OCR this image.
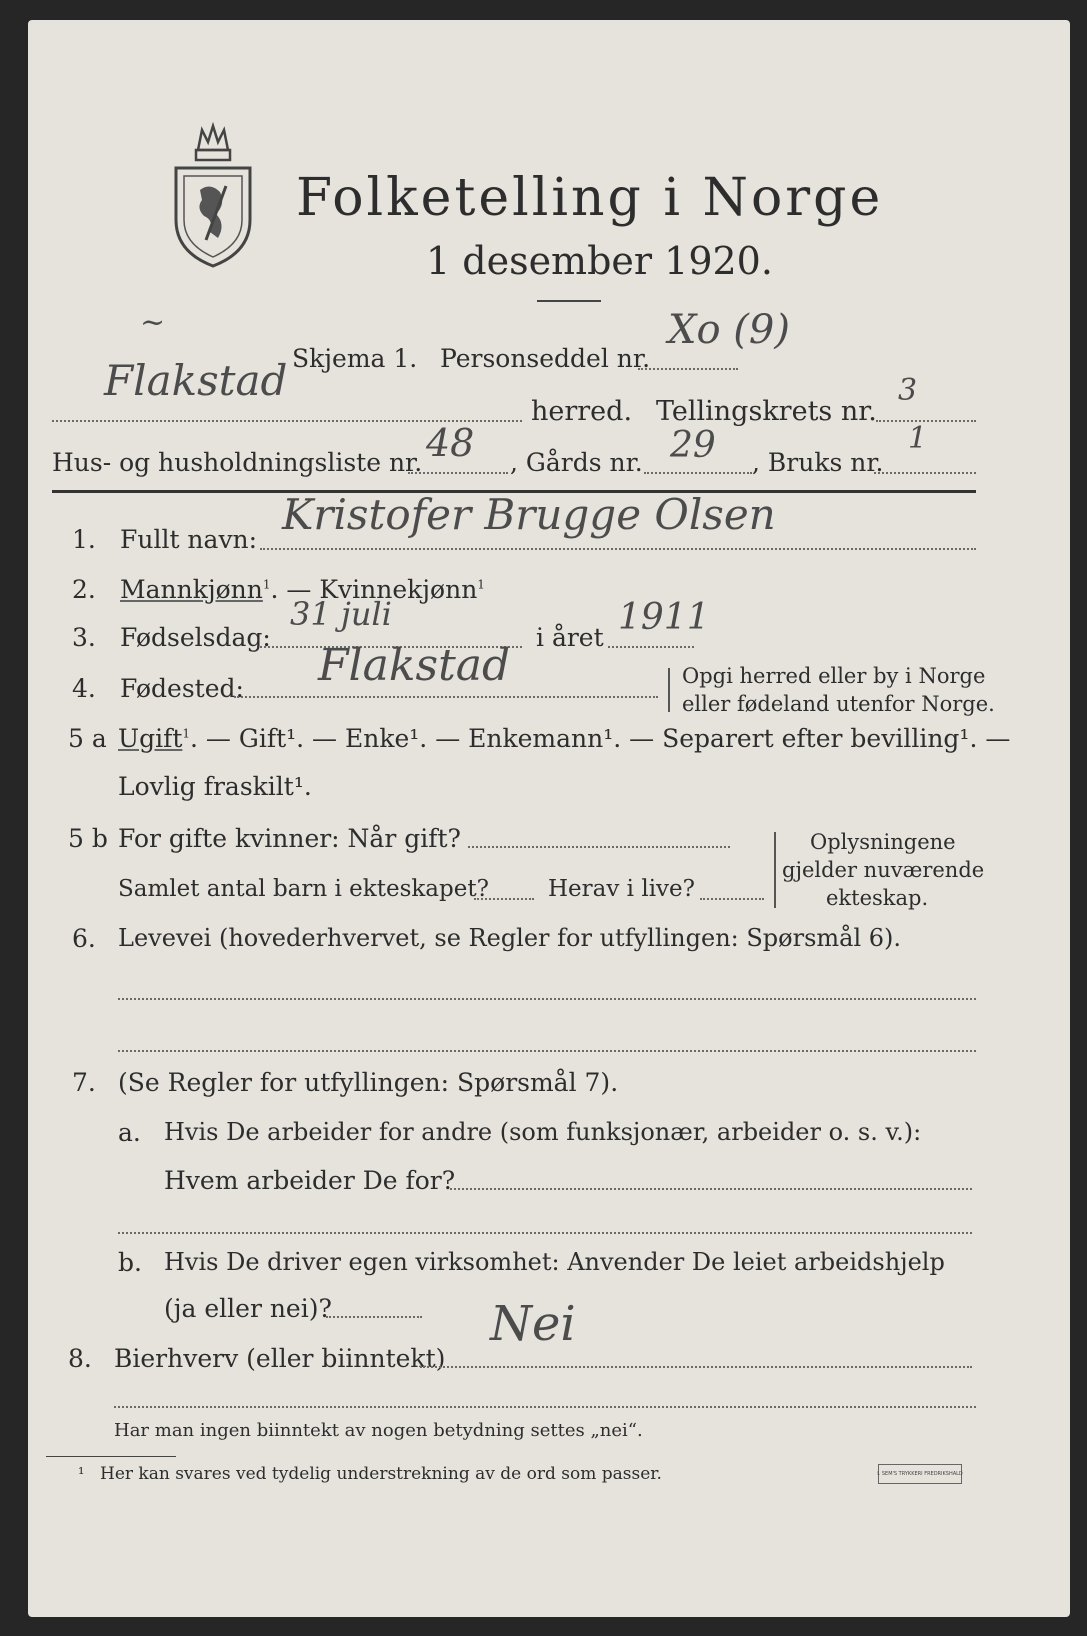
Folketelling i Norge
1 desember 1920.
~
Skjema 1. Personseddel nr.
Xo (9)
Flakstad
herred. Tellingskrets nr.
3
Hus- og husholdningsliste nr. 48 , Gårds nr. 29 , Bruks nr.
1
1. Fullt navn:
Kristofer Brugge Olsen
2. Mannkjønn$^1$. — Kvinnekjønn$^1$
3. Fødselsdag:
31 juli
i året 1911
4. Fødested: Flakstad	Opgi herred eller by i Norge
eller fødeland utenfor Norge.
5 a Ugift$^1$. — Gift¹. — Enke¹. — Enkemann¹. — Separert efter bevilling¹. —
Lovlig fraskilt¹.
5 b For gifte kvinner: Når gift?
Samlet antal barn i ekteskapet?	Herav i live?
Oplysningene
gjelder nuværende
ekteskap.
6. Levevei (hovederhvervet, se Regler for utfyllingen: Spørsmål 6).
7. (Se Regler for utfyllingen: Spørsmål 7).
a. Hvis De arbeider for andre (som funksjonær, arbeider o. s. v.):
Hvem arbeider De for?
b. Hvis De driver egen virksomhet: Anvender De leiet arbeidshjelp
(ja eller nei)?
8. Bierhverv (eller biinntekt)
Nei
Har man ingen biinntekt av nogen betydning settes „nei“.
¹ Her kan svares ved tydelig understrekning av de ord som passer.	I. SEM'S TRYKKERI FREDRIKSHALD
